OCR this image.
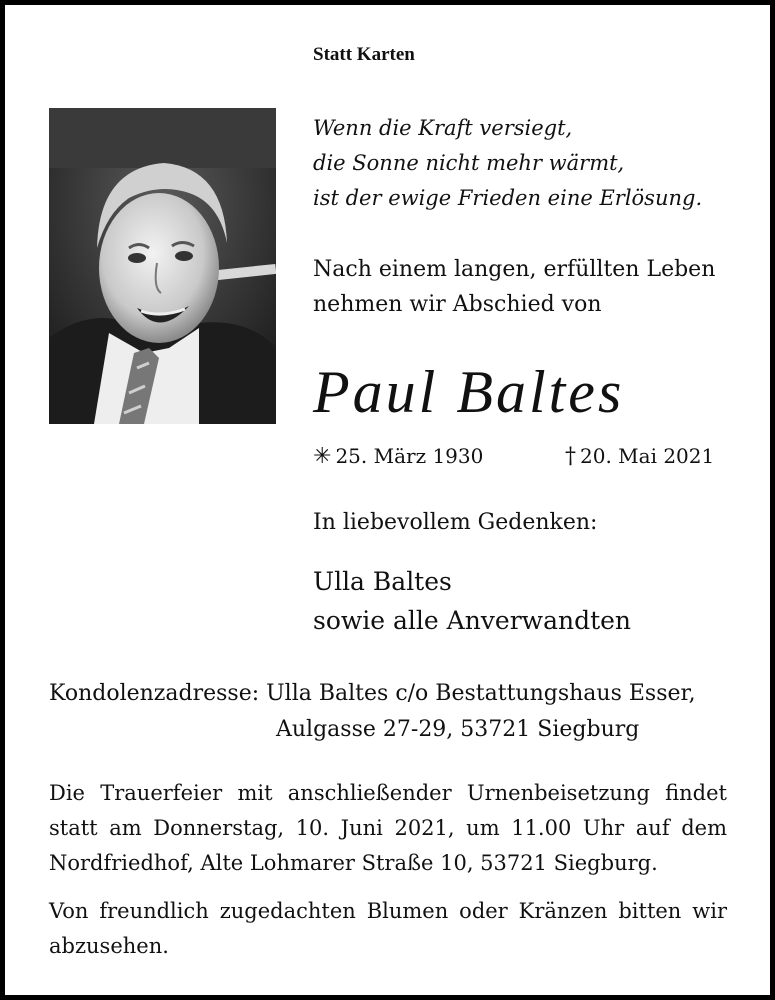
Statt Karten
Wenn die Kraft versiegt,
die Sonne nicht mehr wärmt,
ist der ewige Frieden eine Erlösung.
Nach einem langen, erfüllten Leben
nehmen wir Abschied von
Paul Baltes
✳ 25. März 1930	† 20. Mai 2021
In liebevollem Gedenken:
Ulla Baltes
sowie alle Anverwandten
Kondolenzadresse: Ulla Baltes c/o Bestattungshaus Esser,
Aulgasse 27-29, 53721 Siegburg
Die Trauerfeier mit anschließender Urnenbeisetzung findet
statt am Donnerstag, 10. Juni 2021, um 11.00 Uhr auf dem
Nordfriedhof, Alte Lohmarer Straße 10, 53721 Siegburg.
Von freundlich zugedachten Blumen oder Kränzen bitten wir
abzusehen.
